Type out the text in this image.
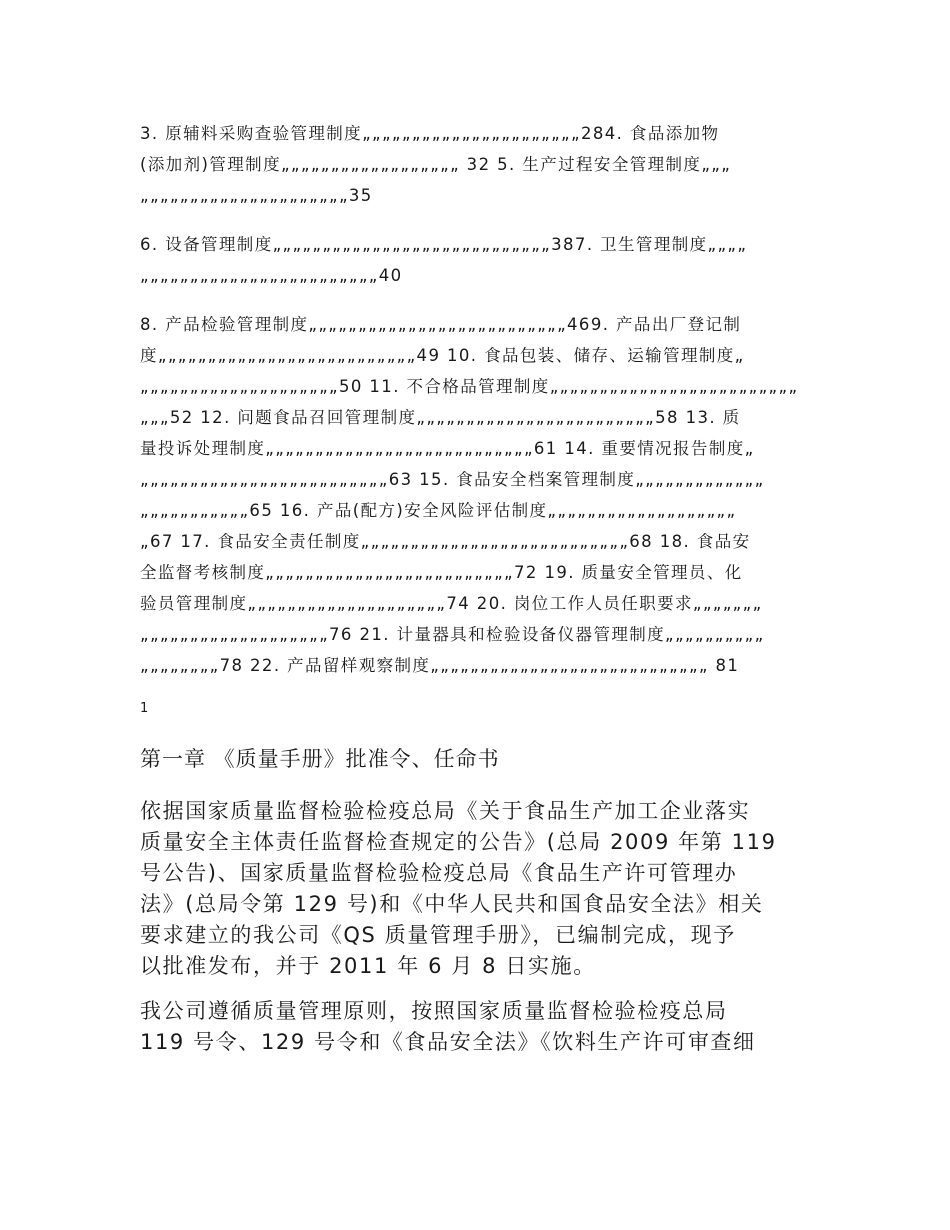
3. 原辅料采购查验管理制度„„„„„„„„„„„„„„„„„„„„„„284. 食品添加物
(添加剂)管理制度„„„„„„„„„„„„„„„„„„ 32 5. 生产过程安全管理制度„„„
„„„„„„„„„„„„„„„„„„„„„35
6. 设备管理制度„„„„„„„„„„„„„„„„„„„„„„„„„„„„387. 卫生管理制度„„„„
„„„„„„„„„„„„„„„„„„„„„„„„40
8. 产品检验管理制度„„„„„„„„„„„„„„„„„„„„„„„„„„469. 产品出厂登记制
度„„„„„„„„„„„„„„„„„„„„„„„„„„49 10. 食品包装、储存、运输管理制度„
„„„„„„„„„„„„„„„„„„„„50 11. 不合格品管理制度„„„„„„„„„„„„„„„„„„„„„„„„„
„„„52 12. 问题食品召回管理制度„„„„„„„„„„„„„„„„„„„„„„„„58 13. 质
量投诉处理制度„„„„„„„„„„„„„„„„„„„„„„„„„„„61 14. 重要情况报告制度„
„„„„„„„„„„„„„„„„„„„„„„„„„63 15. 食品安全档案管理制度„„„„„„„„„„„„„
„„„„„„„„„„„65 16. 产品(配方)安全风险评估制度„„„„„„„„„„„„„„„„„„„
„67 17. 食品安全责任制度„„„„„„„„„„„„„„„„„„„„„„„„„„„68 18. 食品安
全监督考核制度„„„„„„„„„„„„„„„„„„„„„„„„„72 19. 质量安全管理员、化
验员管理制度„„„„„„„„„„„„„„„„„„„„74 20. 岗位工作人员任职要求„„„„„„„
„„„„„„„„„„„„„„„„„„„76 21. 计量器具和检验设备仪器管理制度„„„„„„„„„„
„„„„„„„„78 22. 产品留样观察制度„„„„„„„„„„„„„„„„„„„„„„„„„„„„ 81
1
第一章 《质量手册》批准令、任命书
依据国家质量监督检验检疫总局《关于食品生产加工企业落实
质量安全主体责任监督检查规定的公告》(总局 2009 年第 119
号公告)、国家质量监督检验检疫总局《食品生产许可管理办
法》(总局令第 129 号)和《中华人民共和国食品安全法》相关
要求建立的我公司《QS 质量管理手册》，已编制完成，现予
以批准发布，并于 2011 年 6 月 8 日实施。
我公司遵循质量管理原则，按照国家质量监督检验检疫总局
119 号令、129 号令和《食品安全法》《饮料生产许可审查细
